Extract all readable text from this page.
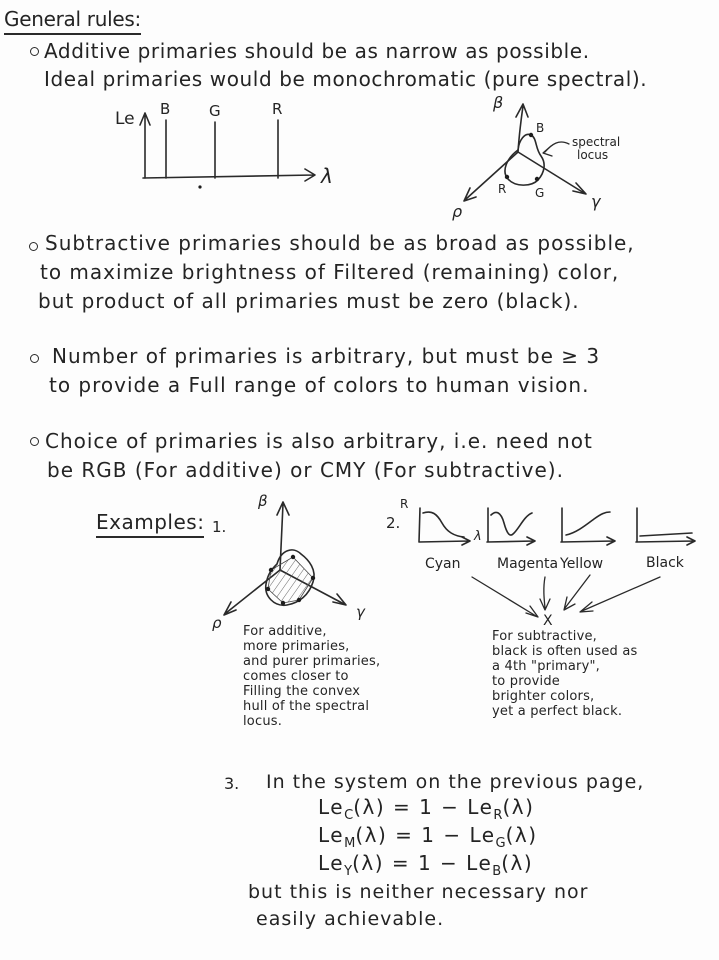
General rules:
Additive primaries should be as narrow as possible.
Ideal primaries would be monochromatic (pure spectral).
Le
λ
B	G	R	β
ρ
γ
B
R G
spectral
locus
Subtractive primaries should be as broad as possible,
to maximize brightness of Filtered (remaining) color,
but product of all primaries must be zero (black).
Number of primaries is arbitrary, but must be ≥ 3
to provide a Full range of colors to human vision.
Choice of primaries is also arbitrary, i.e. need not
be RGB (For additive) or CMY (For subtractive).
Examples: 1.	2.
β
ρ
γ
For additive,
more primaries,
and purer primaries,
comes closer to
Filling the convex
hull of the spectral
locus.
R
λ
Cyan	Magenta Yellow	Black
X
For subtractive,
black is often used as
a 4th "primary",
to provide
brighter colors,
yet a perfect black.
3. In the system on the previous page,
$Le_C(\lambda) = 1 - Le_R(\lambda)$
$Le_M(\lambda) = 1 - Le_G(\lambda)$
$Le_Y(\lambda) = 1 - Le_B(\lambda)$
but this is neither necessary nor
easily achievable.
